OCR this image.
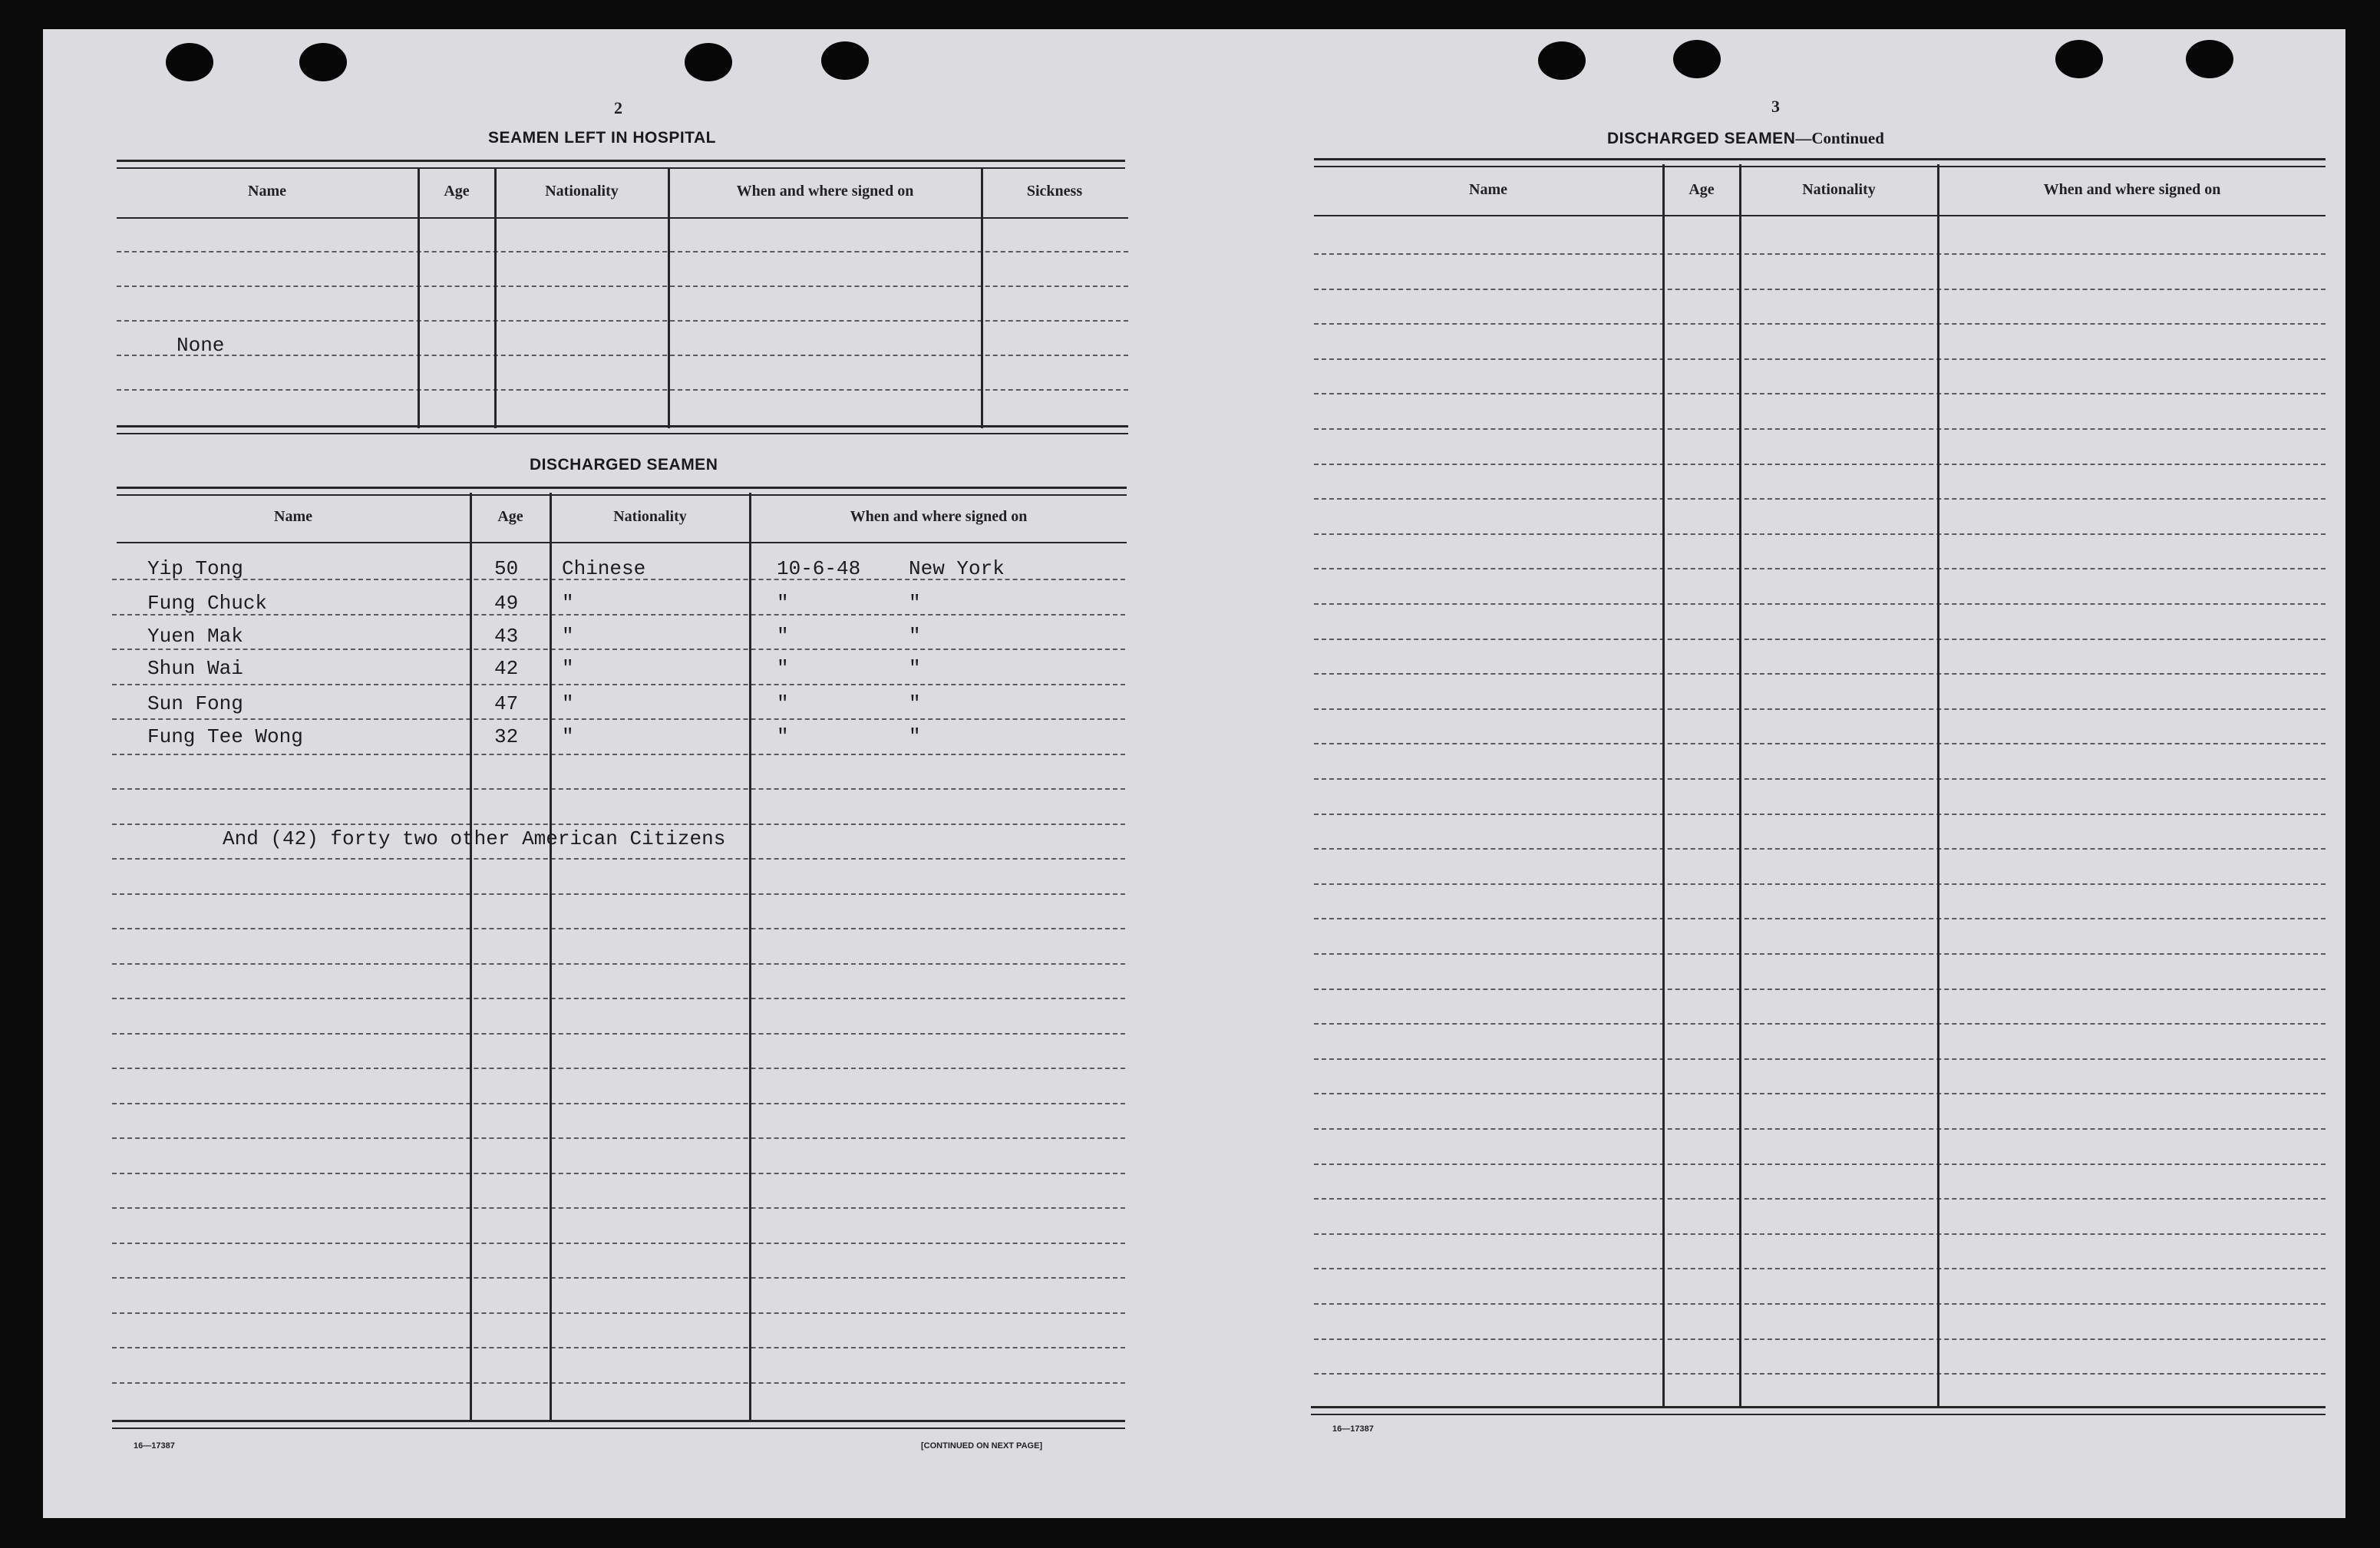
2
SEAMEN LEFT IN HOSPITAL
Name	Age	Nationality	When and where signed on	Sickness
None
DISCHARGED SEAMEN
Name	Age	Nationality	When and where signed on
Yip Tong	50 Chinese	10-6-48 New York
Fung Chuck	49 "	"	"
Yuen Mak	43 "	"	"
Shun Wai	42 "	"	"
Sun Fong	47 "	"	"
Fung Tee Wong	32 "	"	"
And (42) forty two other American Citizens
16—17387	[CONTINUED ON NEXT PAGE]
3
DISCHARGED SEAMEN—Continued
Name	Age	Nationality	When and where signed on
16—17387
